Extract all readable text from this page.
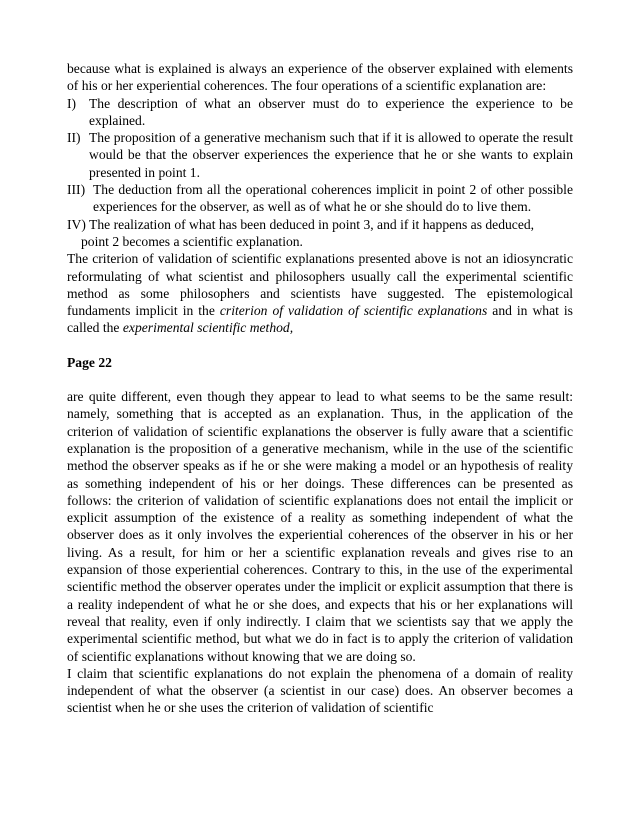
because what is explained is always an experience of the observer explained with elements of his or her experiential coherences. The four operations of a scientific explanation are:

I) The description of what an observer must do to experience the experience to be explained.
II) The proposition of a generative mechanism such that if it is allowed to operate the result would be that the observer experiences the experience that he or she wants to explain presented in point 1.
III) The deduction from all the operational coherences implicit in point 2 of other possible experiences for the observer, as well as of what he or she should do to live them.
IV) The realization of what has been deduced in point 3, and if it happens as deduced,
point 2 becomes a scientific explanation.

The criterion of validation of scientific explanations presented above is not an idiosyncratic reformulating of what scientist and philosophers usually call the experimental scientific method as some philosophers and scientists have suggested. The epistemological fundaments implicit in the criterion of validation of scientific explanations and in what is called the experimental scientific method,

Page 22

are quite different, even though they appear to lead to what seems to be the same result: namely, something that is accepted as an explanation. Thus, in the application of the criterion of validation of scientific explanations the observer is fully aware that a scientific explanation is the proposition of a generative mechanism, while in the use of the scientific method the observer speaks as if he or she were making a model or an hypothesis of reality as something independent of his or her doings. These differences can be presented as follows: the criterion of validation of scientific explanations does not entail the implicit or explicit assumption of the existence of a reality as something independent of what the observer does as it only involves the experiential coherences of the observer in his or her living. As a result, for him or her a scientific explanation reveals and gives rise to an expansion of those experiential coherences. Contrary to this, in the use of the experimental scientific method the observer operates under the implicit or explicit assumption that there is a reality independent of what he or she does, and expects that his or her explanations will reveal that reality, even if only indirectly. I claim that we scientists say that we apply the experimental scientific method, but what we do in fact is to apply the criterion of validation of scientific explanations without knowing that we are doing so.

I claim that scientific explanations do not explain the phenomena of a domain of reality independent of what the observer (a scientist in our case) does. An observer becomes a scientist when he or she uses the criterion of validation of scientific
